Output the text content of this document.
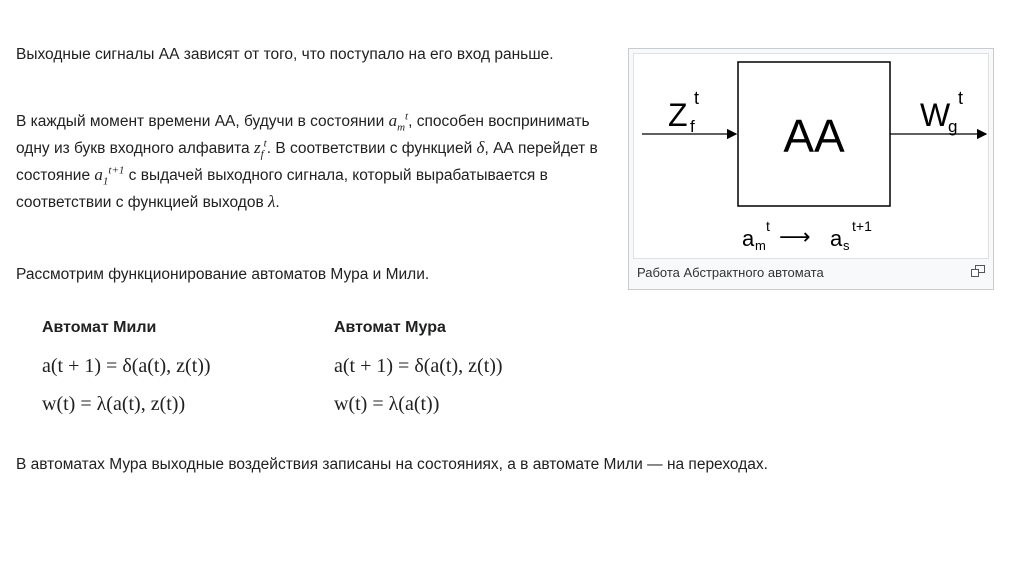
Выходные сигналы АА зависят от того, что поступало на его вход раньше.

В каждый момент времени АА, будучи в состоянии $a_m^t$, способен воспринимать одну из букв входного алфавита $z_f^t$. В соответствии с функцией δ, АА перейдет в состояние $a_1^{t+1}$ с выдачей выходного сигнала, который вырабатывается в соответствии с функцией выходов λ.

Рассмотрим функционирование автоматов Мура и Мили.

Автомат Мили	Автомат Мура
a(t + 1) = δ(a(t), z(t))
w(t) = λ(a(t), z(t))
a(t + 1) = δ(a(t), z(t))
w(t) = λ(a(t))

В автоматах Мура выходные воздействия записаны на состояниях, а в автомате Мили — на переходах.

AA
Z f
t	W
g
t
a m
t ⟶ a s
t+1
Работа Абстрактного автомата
